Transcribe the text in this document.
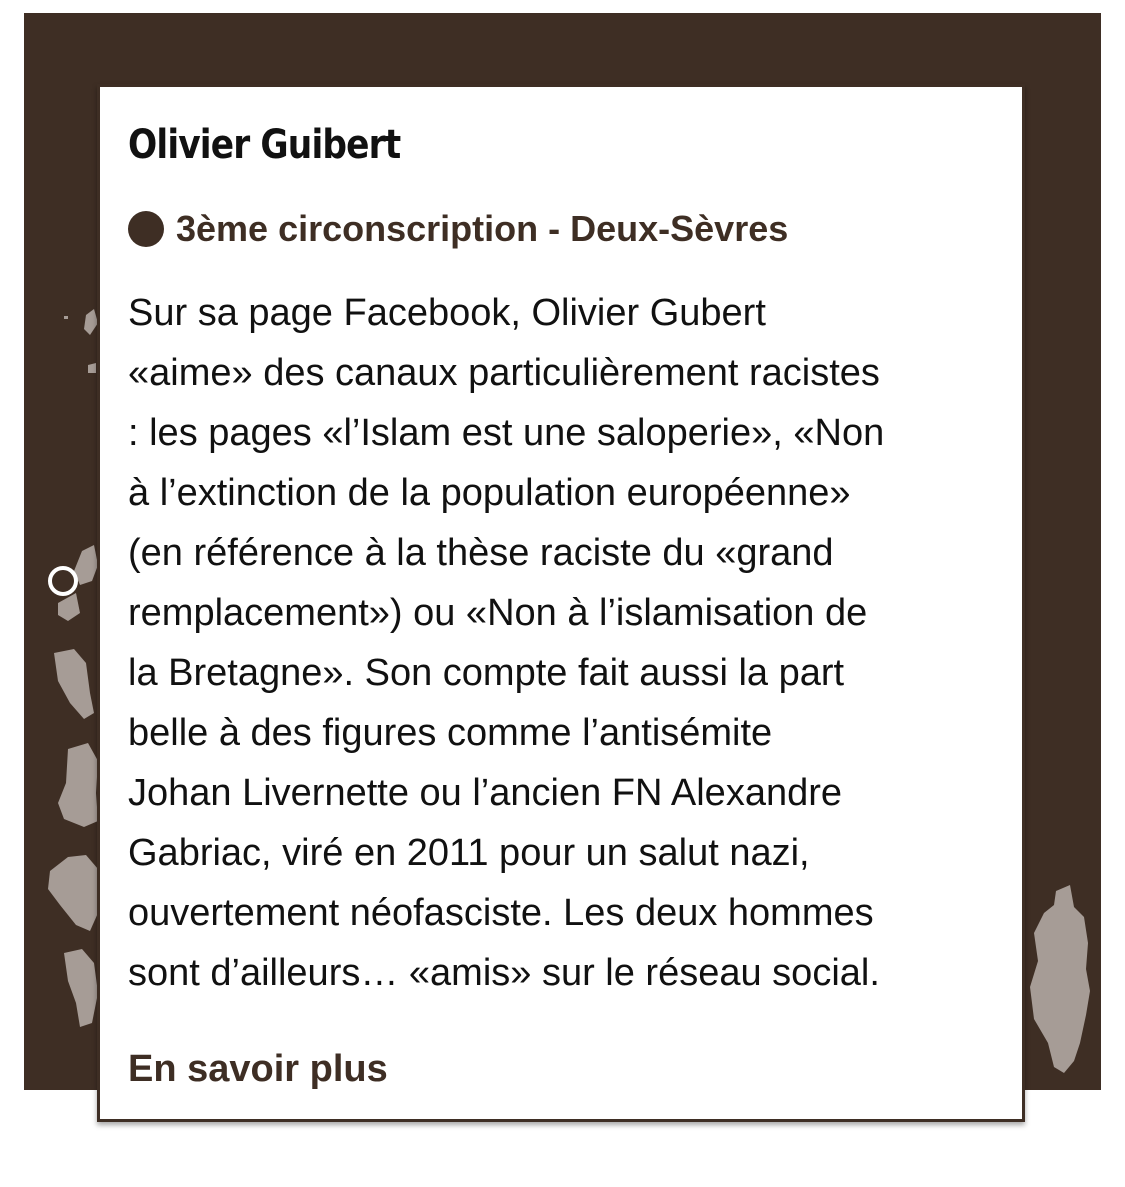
Olivier Guibert
3ème circonscription - Deux-Sèvres

Sur sa page Facebook, Olivier Gubert
«aime» des canaux particulièrement racistes
: les pages «l’Islam est une saloperie», «Non
à l’extinction de la population européenne»
(en référence à la thèse raciste du «grand
remplacement») ou «Non à l’islamisation de
la Bretagne». Son compte fait aussi la part
belle à des figures comme l’antisémite
Johan Livernette ou l’ancien FN Alexandre
Gabriac, viré en 2011 pour un salut nazi,
ouvertement néofasciste. Les deux hommes
sont d’ailleurs… «amis» sur le réseau social.

En savoir plus
